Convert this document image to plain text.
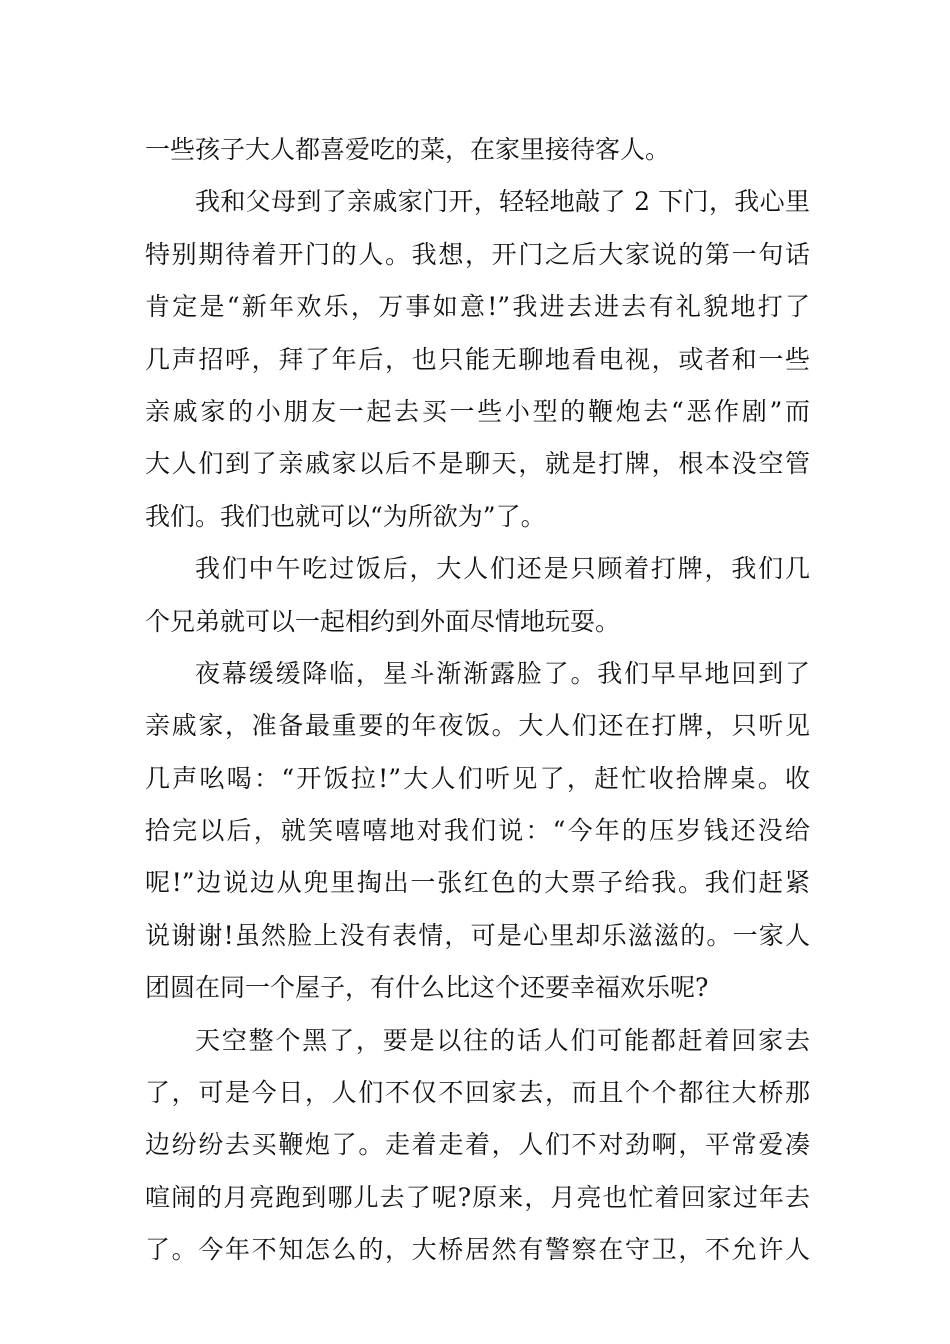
一些孩子大人都喜爱吃的菜，在家里接待客人。
我和父母到了亲戚家门开，轻轻地敲了 2 下门，我心里
特别期待着开门的人。我想，开门之后大家说的第一句话
肯定是“新年欢乐，万事如意!”我进去进去有礼貌地打了
几声招呼，拜了年后，也只能无聊地看电视，或者和一些
亲戚家的小朋友一起去买一些小型的鞭炮去“恶作剧”而
大人们到了亲戚家以后不是聊天，就是打牌，根本没空管
我们。我们也就可以“为所欲为”了。
我们中午吃过饭后，大人们还是只顾着打牌，我们几
个兄弟就可以一起相约到外面尽情地玩耍。
夜幕缓缓降临，星斗渐渐露脸了。我们早早地回到了
亲戚家，准备最重要的年夜饭。大人们还在打牌，只听见
几声吆喝：“开饭拉!”大人们听见了，赶忙收拾牌桌。收
拾完以后，就笑嘻嘻地对我们说：“今年的压岁钱还没给
呢!”边说边从兜里掏出一张红色的大票子给我。我们赶紧
说谢谢!虽然脸上没有表情，可是心里却乐滋滋的。一家人
团圆在同一个屋子，有什么比这个还要幸福欢乐呢?
天空整个黑了，要是以往的话人们可能都赶着回家去
了，可是今日，人们不仅不回家去，而且个个都往大桥那
边纷纷去买鞭炮了。走着走着，人们不对劲啊，平常爱凑
喧闹的月亮跑到哪儿去了呢?原来，月亮也忙着回家过年去
了。今年不知怎么的，大桥居然有警察在守卫，不允许人
